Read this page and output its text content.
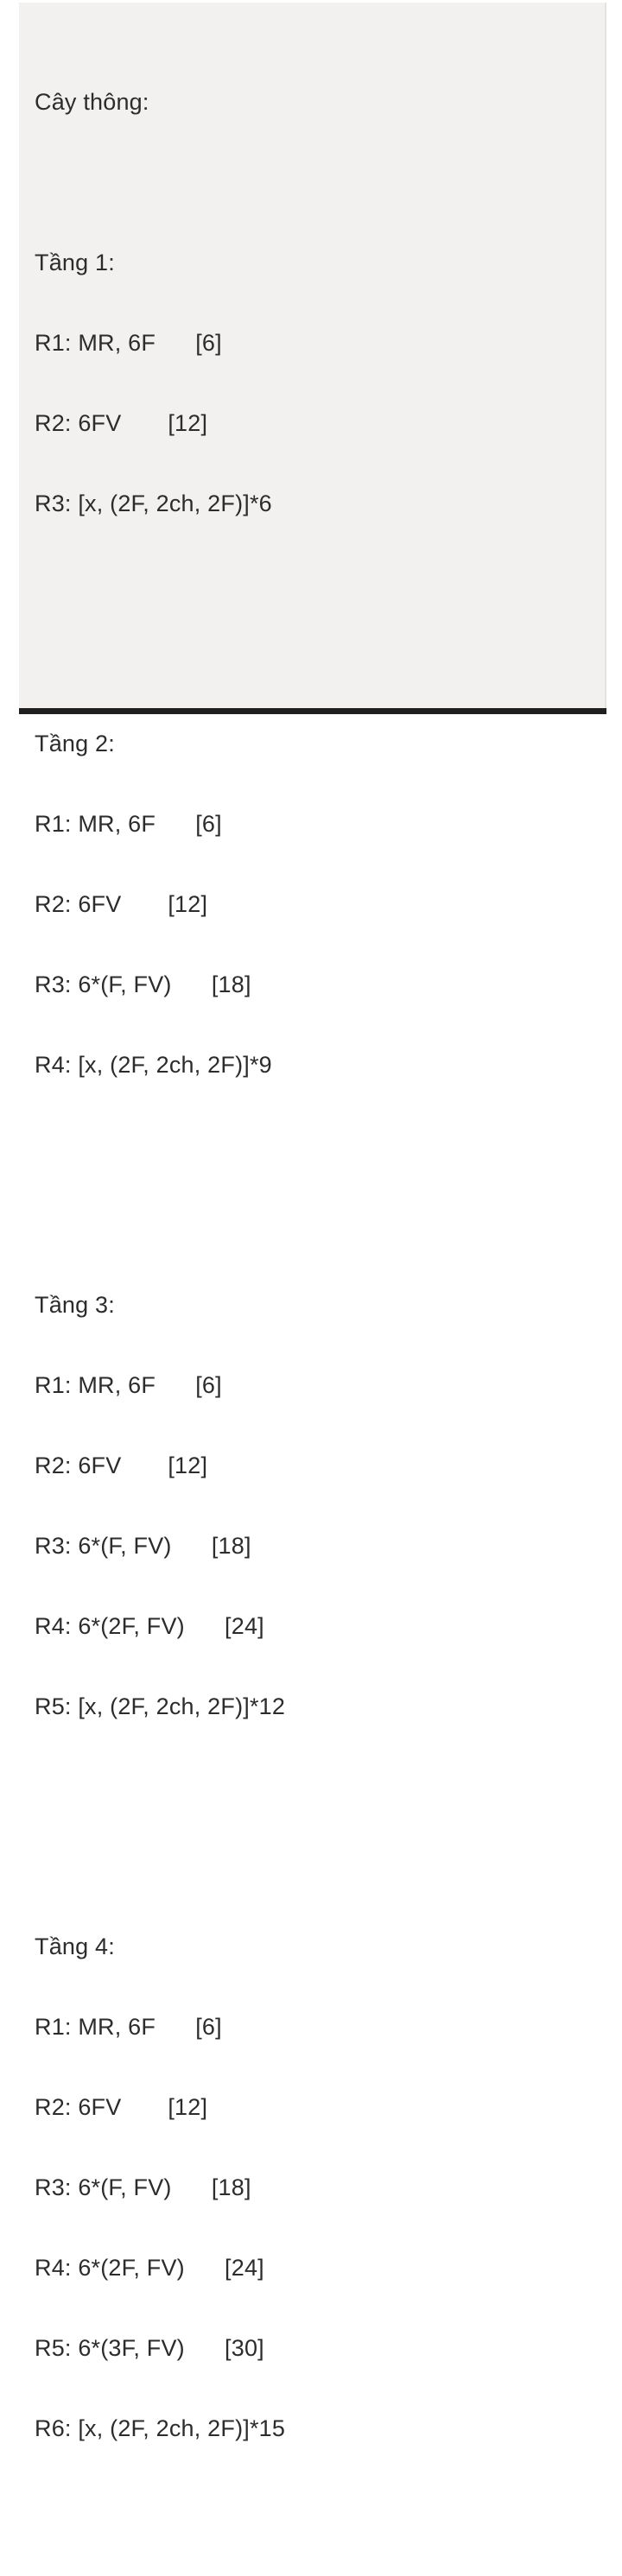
Cây thông:

Tầng 1:

R1: MR, 6F      [6]

R2: 6FV       [12]

R3: [x, (2F, 2ch, 2F)]*6

Tầng 2:

R1: MR, 6F      [6]

R2: 6FV       [12]

R3: 6*(F, FV)      [18]

R4: [x, (2F, 2ch, 2F)]*9

Tầng 3:

R1: MR, 6F      [6]

R2: 6FV       [12]

R3: 6*(F, FV)      [18]

R4: 6*(2F, FV)      [24]

R5: [x, (2F, 2ch, 2F)]*12

Tầng 4:

R1: MR, 6F      [6]

R2: 6FV       [12]

R3: 6*(F, FV)      [18]

R4: 6*(2F, FV)      [24]

R5: 6*(3F, FV)      [30]

R6: [x, (2F, 2ch, 2F)]*15
